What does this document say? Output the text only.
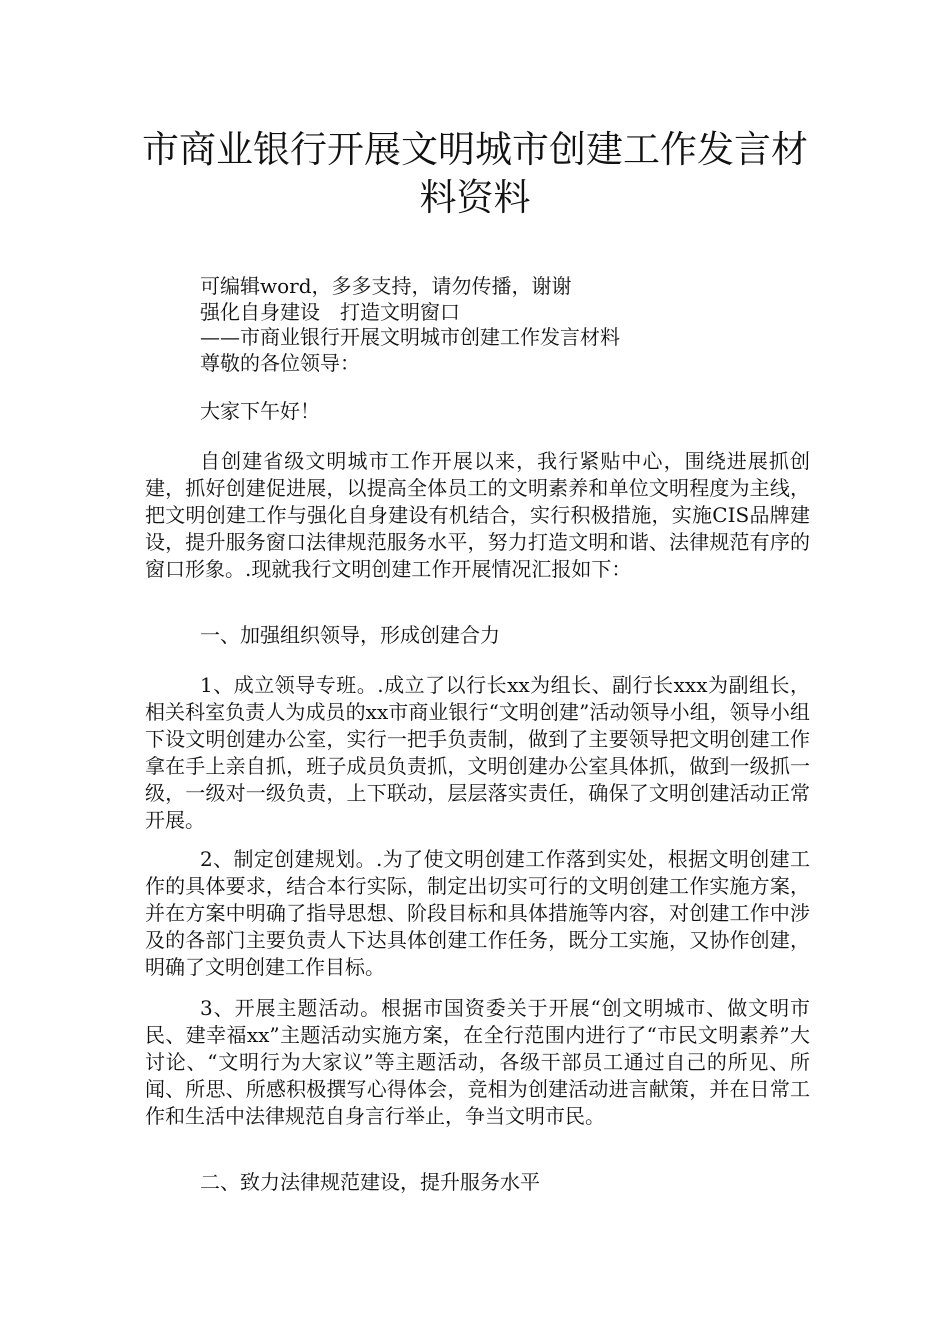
市商业银行开展文明城市创建工作发言材料资料

可编辑word，多多支持，请勿传播，谢谢

强化自身建设　打造文明窗口

——市商业银行开展文明城市创建工作发言材料

尊敬的各位领导：

大家下午好！

自创建省级文明城市工作开展以来，我行紧贴中心，围绕进展抓创建，抓好创建促进展，以提高全体员工的文明素养和单位文明程度为主线，把文明创建工作与强化自身建设有机结合，实行积极措施，实施CIS品牌建设，提升服务窗口法律规范服务水平，努力打造文明和谐、法律规范有序的窗口形象。.现就我行文明创建工作开展情况汇报如下：

一、加强组织领导，形成创建合力

1、成立领导专班。.成立了以行长xx为组长、副行长xxx为副组长，相关科室负责人为成员的xx市商业银行“文明创建”活动领导小组，领导小组下设文明创建办公室，实行一把手负责制，做到了主要领导把文明创建工作拿在手上亲自抓，班子成员负责抓，文明创建办公室具体抓，做到一级抓一级，一级对一级负责，上下联动，层层落实责任，确保了文明创建活动正常开展。

2、制定创建规划。.为了使文明创建工作落到实处，根据文明创建工作的具体要求，结合本行实际，制定出切实可行的文明创建工作实施方案，并在方案中明确了指导思想、阶段目标和具体措施等内容，对创建工作中涉及的各部门主要负责人下达具体创建工作任务，既分工实施，又协作创建，明确了文明创建工作目标。

3、开展主题活动。根据市国资委关于开展“创文明城市、做文明市民、建幸福xx”主题活动实施方案，在全行范围内进行了“市民文明素养”大讨论、“文明行为大家议”等主题活动，各级干部员工通过自己的所见、所闻、所思、所感积极撰写心得体会，竞相为创建活动进言献策，并在日常工作和生活中法律规范自身言行举止，争当文明市民。

二、致力法律规范建设，提升服务水平
